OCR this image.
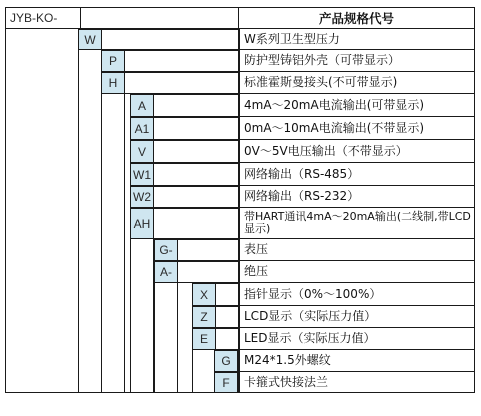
JYB-KO-	产品规格代号
W	W系列卫生型压力
P	防护型铸铝外壳（可带显示）
H	标准霍斯曼接头(不可带显示)
A	4mA～20mA电流输出(可带显示)
A1	0mA～10mA电流输出(不带显示)
V	0V～5V电压输出（不带显示）
W1	网络输出（RS-485）
W2	网络输出（RS-232）
AH	带HART通讯4mA～20mA输出(二线制,带LCD显示)
G-	表压
A-	绝压
X	指针显示（0%～100%）
Z	LCD显示（实际压力值）
E	LED显示（实际压力值）
G	M24*1.5外螺纹
F	卡箍式快接法兰
